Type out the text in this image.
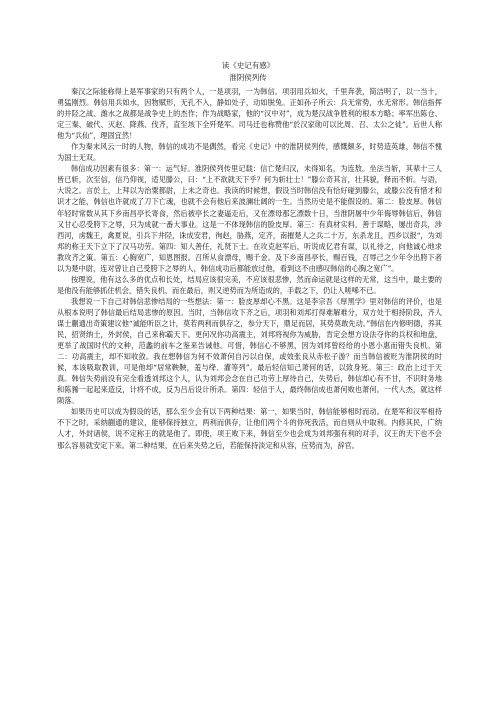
读《史记有感》
淮阴侯列传

秦汉之际能称得上是军事家的只有两个人，一是项羽，一为韩信。项羽用兵如火，千里奔袭，简洁明了，以一当十，勇猛刚烈。韩信用兵如水，因物赋形，无孔不入，静如处子，动如脱兔。正如孙子所云：兵无常势，水无常形。韩信指挥的井陉之战、潍水之战都是战争史上的杰作；作为战略家，他的“汉中对”，成为楚汉战争胜利的根本方略；率军出陈仓、定三秦、破代、灭赵、降燕、伐齐，直至垓下全歼楚军。司马迁也称赞他“於汉家勋可以比周、召、太公之徒”。后世人称他为“兵仙”，理固宜然！

作为秦末风云一时的人物，韩信的成功不是偶然，看完《史记》中的淮阴侯列传，感慨颇多，时势造英雄，韩信不愧为国士无双。

韩信成功因素有很多：第一：运气好。淮阴侯列传里记载：信亡楚归汉，未得知名，为连敖。坐法当斩，其辈十三人皆已斩，次至信，信乃仰视，适见滕公，曰：“上不欲就天下乎？何为斩壮士！”滕公奇其言，壮其貌，释而不斩。与语，大说之。言於上，上拜以为治粟都尉，上未之奇也。我读的时候想，假设当时韩信没有恰好碰到滕公，或滕公没有惜才和识才之能，韩信也许就成了刀下亡魂，也就不会有他后来波澜壮阔的一生。当然历史是不能假设的。第二：脸皮厚。韩信年轻时常数从其下乡南昌亭长寄食，然后被亭长之妻逼走后，又在漂母那乞漂数十日，当淮阴屠中少年侮辱韩信后，韩信又甘心忍受胯下之辱，只为成就一番大事业。这是一不体现韩信的脸皮厚。第三：有真材实料，善于谋略，屡出奇兵，涉西河，虏魏王，禽夏说，引兵下井陉，诛成安君，徇赵，胁燕，定齐，南摧楚人之兵二十万，东杀龙且，西乡以报“，为刘邦的称王天下立下了汉马功劳。第四：知人善任，礼贤下士。在攻克赵军后，听说成亿君有谋，以礼待之，向他诚心地求教攻齐之策。第五：心胸宽广，知恩图报。召所从食漂母，赐千金。及下乡南昌亭长，赐百钱，召辱己之少年令出胯下者以为楚中尉，连对曾让自己受胯下之辱的人，韩信成功后都能放过他，看到这不由感叹韩信的心胸之宽广”。

按理说，他有这么多的优点和长处，结局应该很完美，不应该很悲惨，然而命运就是这样的无常，这当中，最主要的是他没有能够抓住机会，错失良机，而在最后，则又逆势而为所造成的，手载之下，仍让人嗟唏不已。

我想说一下自己对韩信悲惨结局的一些想法：第一：脸皮厚却心不黑。这是李宗吾《厚黑学》里对韩信的评价，也是从根本说明了韩信最后结局悲惨的原因。当时，当韩信攻下齐之后，项羽和刘邦打得难解难分，双方处于相持阶段，齐人谋士蒯通出奇策建议他“诚能听臣之计，莫若两利而俱存之，参分天下，鼎足而居，其势莫敢先动。”韩信在内修明德，养其民，招贤纳士，外封侯，自己来称霸天下。更何况你功高震主，刘邦将视你为威胁，肯定会想方设法夺你的兵权和地盘，更举了战国时代的文种，范蠡的前车之鉴来告诫他。可惜，韩信心不够黑，因为刘邦曾经给的小恩小惠而错失良机。第二：功高震主，却不知收敛。我在想韩信为何不效萧何自污以自保，或效张良从赤松子游？而当韩信被贬为淮阴侯的时候，本该吸取教训，可是他却“居常鞅鞅，羞与绛、灌等列”。最后轻信知己萧何的话，以致身死。第三：政治上过于天真。韩信失势前没有完全看透刘邦这个人，认为刘邦会念在自己功劳上厚待自己，失势后，韩信却心有不甘，不识时务地和陈豨一起起来造反，计将不成，反为吕后设计所杀。第四：轻信于人，最终韩信成也萧何败也萧何。一代人杰，就这样陨落。

如果历史可以成为假设的话，那么至少会有以下两种结果：第一，如果当时，韩信能够相时而动。在楚军和汉军相持不下之时，采纳蒯通的建议，能够保持独立，两利而俱存，让他们两个斗的你死我活，而自则从中取利。内修其民，广纳人才，外封诸侯，说不定称王的就是他了。即使，项王败下来，韩信至少也会成为刘邦强有利的对手，汉王的天下也不会那么容易就安定下来。第二种结果，在后来失势之后，若能保持淡定和从容，应势而为，辞官。
